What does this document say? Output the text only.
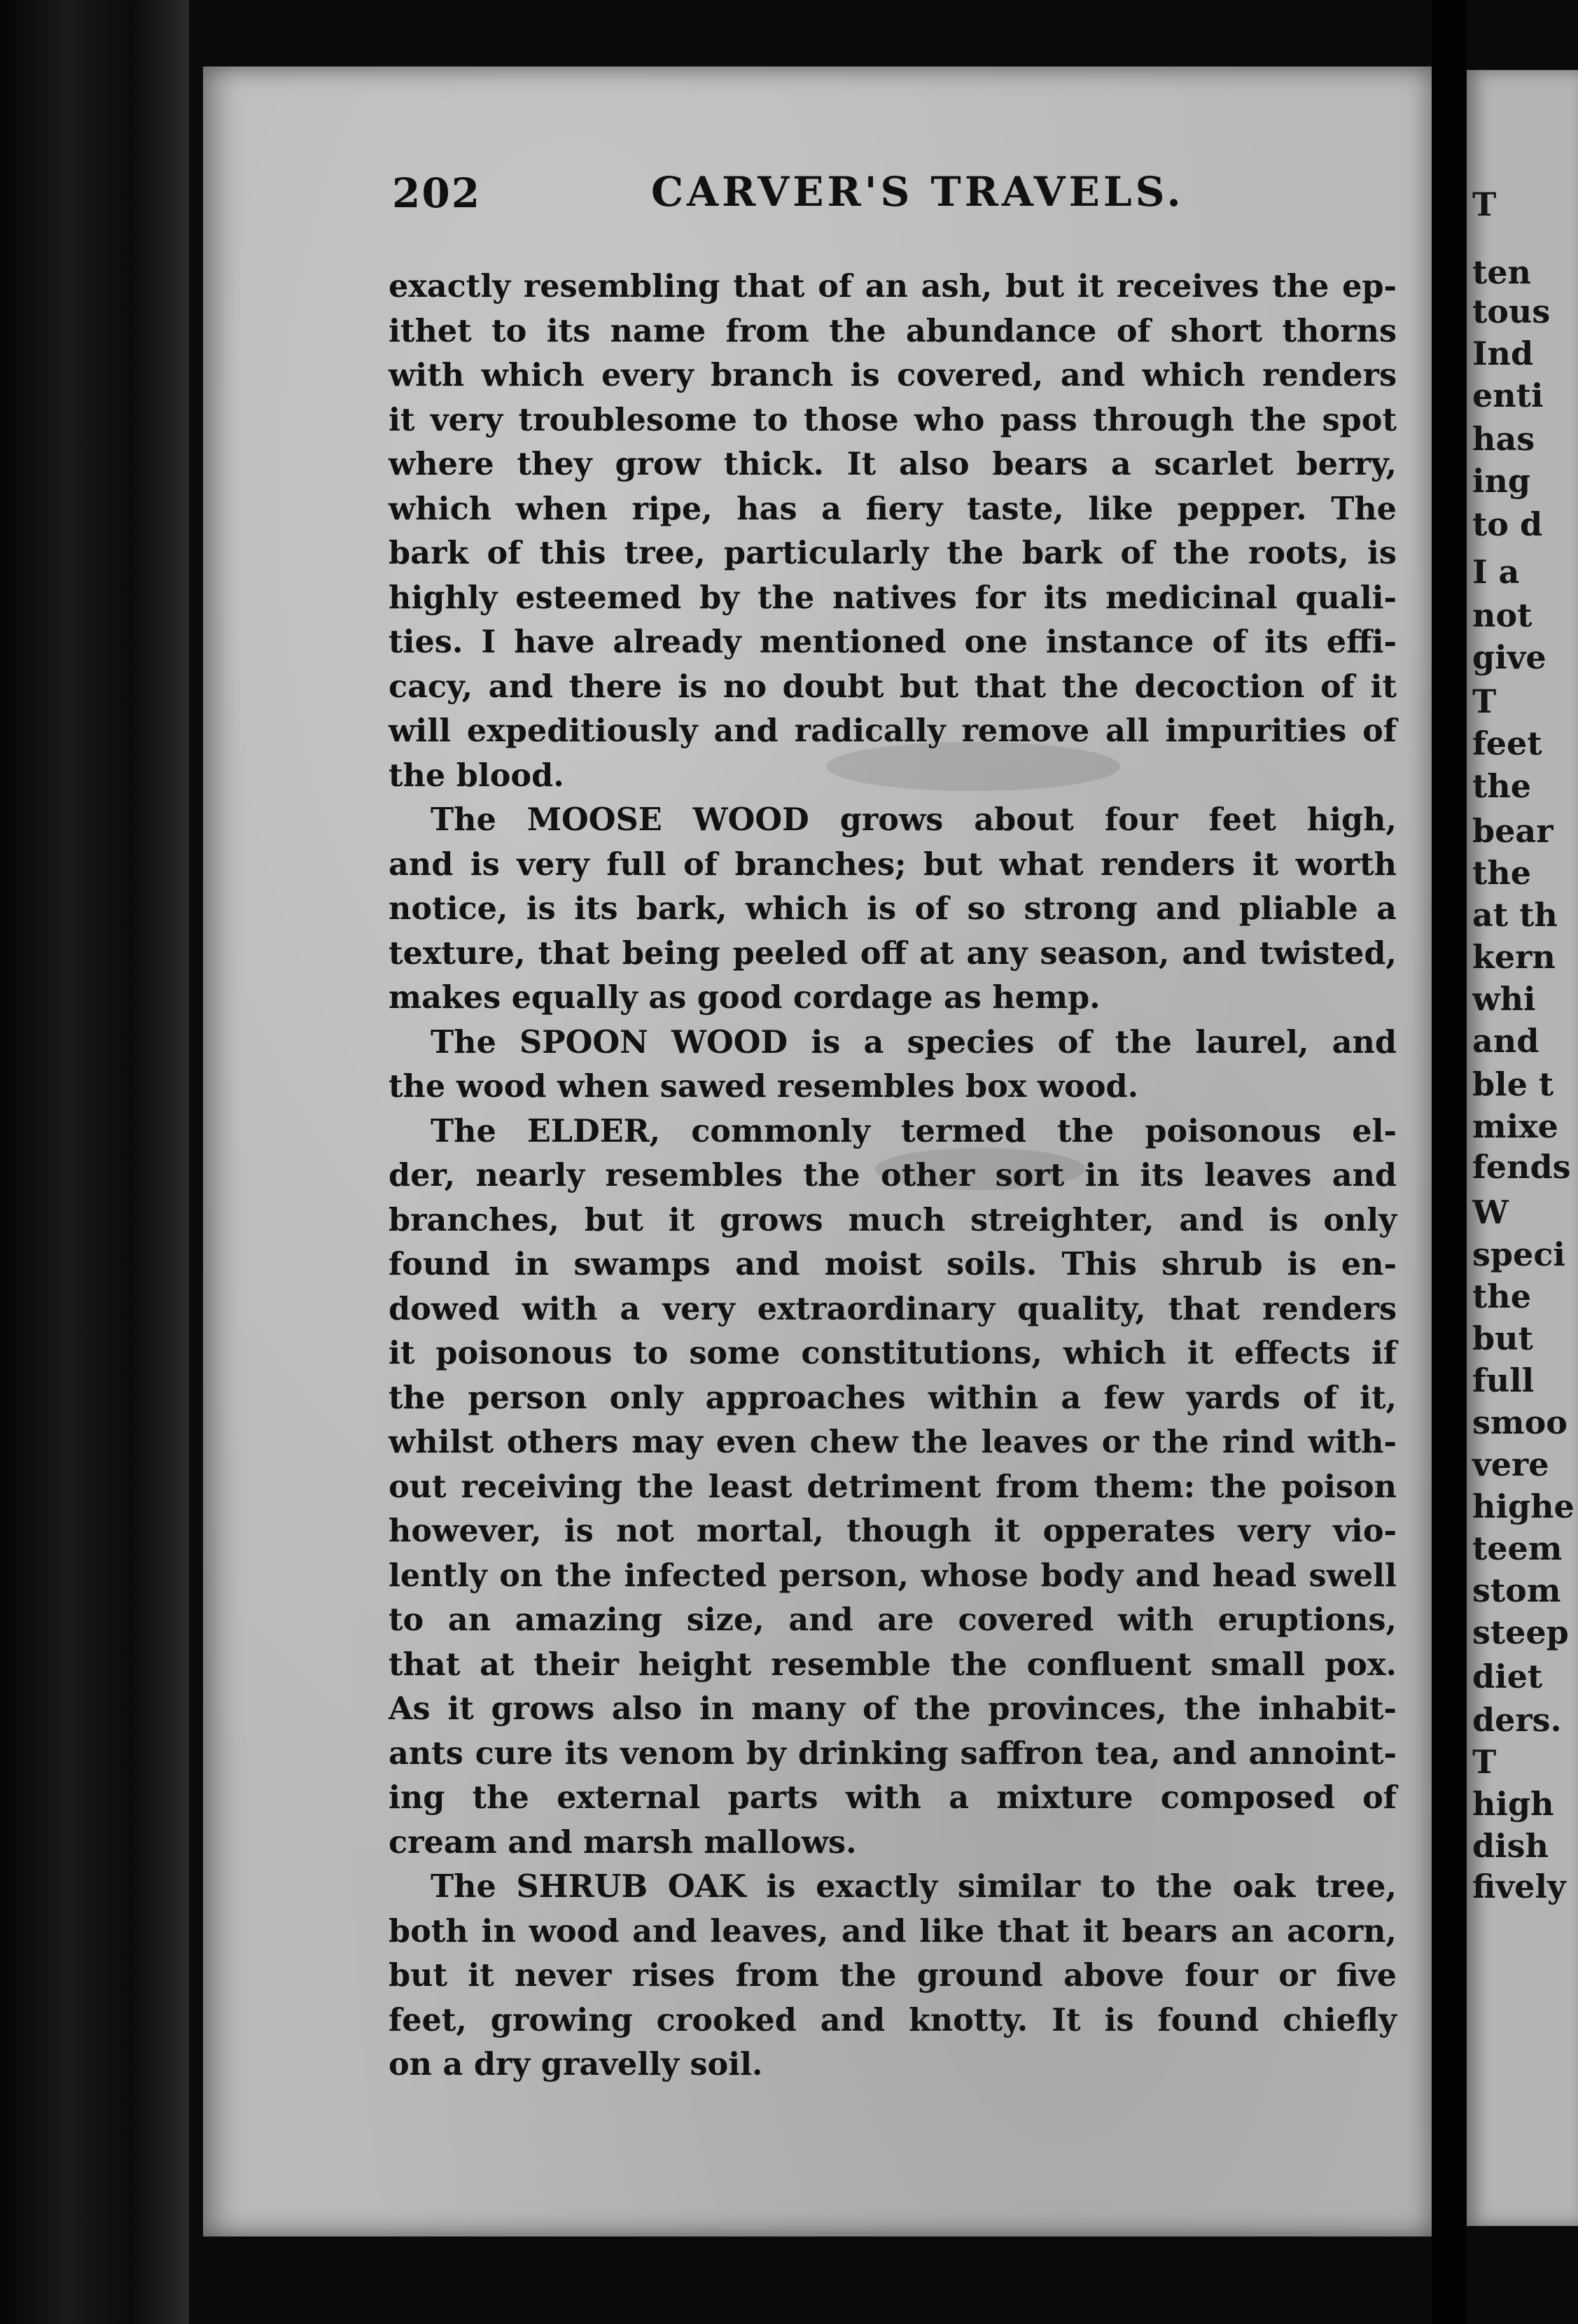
202	CARVER'S TRAVELS.
exactly resembling that of an ash, but it receives the ep-
ithet to its name from the abundance of short thorns
with which every branch is covered, and which renders
it very troublesome to those who pass through the spot
where they grow thick. It also bears a scarlet berry,
which when ripe, has a fiery taste, like pepper. The
bark of this tree, particularly the bark of the roots, is
highly esteemed by the natives for its medicinal quali-
ties. I have already mentioned one instance of its effi-
cacy, and there is no doubt but that the decoction of it
will expeditiously and radically remove all impurities of
the blood.
The MOOSE WOOD grows about four feet high,
and is very full of branches; but what renders it worth
notice, is its bark, which is of so strong and pliable a
texture, that being peeled off at any season, and twisted,
makes equally as good cordage as hemp.
The SPOON WOOD is a species of the laurel, and
the wood when sawed resembles box wood.
The ELDER, commonly termed the poisonous el-
der, nearly resembles the other sort in its leaves and
branches, but it grows much streighter, and is only
found in swamps and moist soils. This shrub is en-
dowed with a very extraordinary quality, that renders
it poisonous to some constitutions, which it effects if
the person only approaches within a few yards of it,
whilst others may even chew the leaves or the rind with-
out receiving the least detriment from them: the poison
however, is not mortal, though it opperates very vio-
lently on the infected person, whose body and head swell
to an amazing size, and are covered with eruptions,
that at their height resemble the confluent small pox.
As it grows also in many of the provinces, the inhabit-
ants cure its venom by drinking saffron tea, and annoint-
ing the external parts with a mixture composed of
cream and marsh mallows.
The SHRUB OAK is exactly similar to the oak tree,
both in wood and leaves, and like that it bears an acorn,
but it never rises from the ground above four or five
feet, growing crooked and knotty. It is found chiefly
on a dry gravelly soil.
T
ten
tous
Ind
enti
has
ing
to d
I a
not
give
T
feet
the
bear
the
at th
kern
whi
and
ble t
mixe
fends
W
speci
the
but
full
smoo
vere
highe
teem
stom
steep
diet
ders.
T
high
dish
fively
